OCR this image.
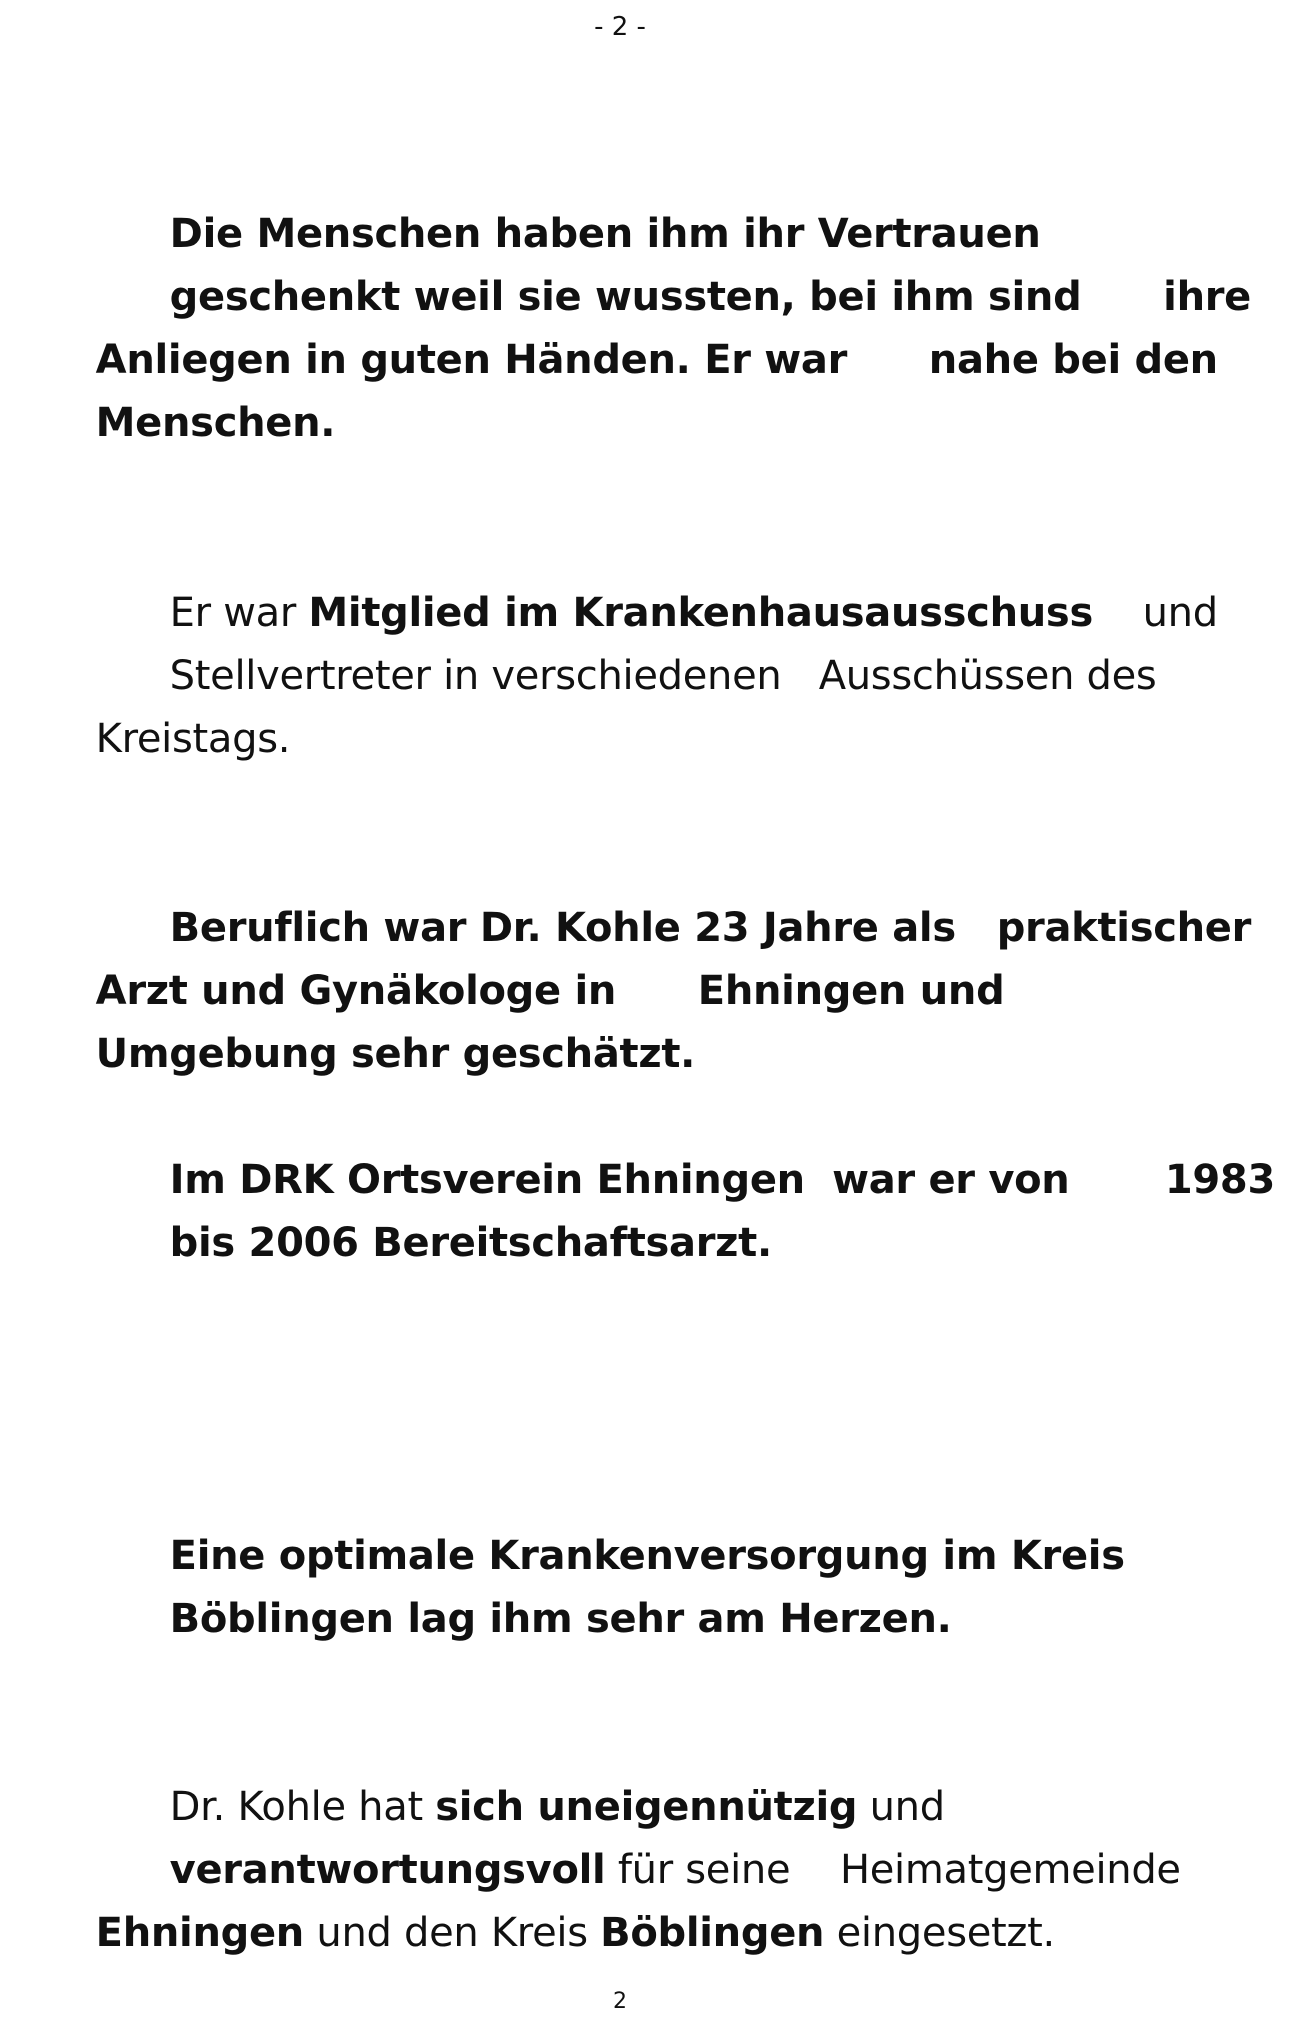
- 2 -

Die Menschen haben ihm ihr Vertrauen

geschenkt weil sie wussten, bei ihm sind      ihre

Anliegen in guten Händen. Er war      nahe bei den

Menschen.

Er war Mitglied im Krankenhausausschuss    und

Stellvertreter in verschiedenen   Ausschüssen des

Kreistags.

Beruflich war Dr. Kohle 23 Jahre als   praktischer

Arzt und Gynäkologe in      Ehningen und

Umgebung sehr geschätzt.

Im DRK Ortsverein Ehningen  war er von       1983

bis 2006 Bereitschaftsarzt.

Eine optimale Krankenversorgung im Kreis

Böblingen lag ihm sehr am Herzen.

Dr. Kohle hat sich uneigennützig und

verantwortungsvoll für seine    Heimatgemeinde

Ehningen und den Kreis Böblingen eingesetzt.

2
